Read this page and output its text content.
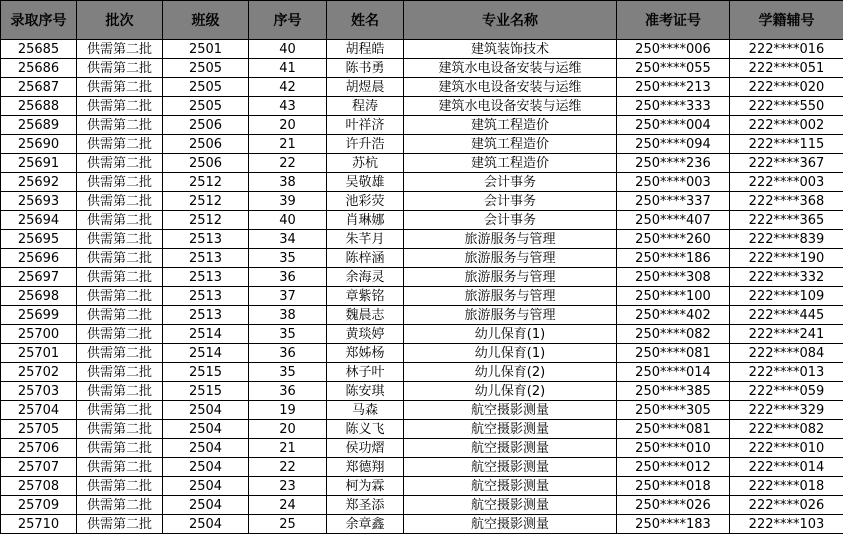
录取序号	批次	班级	序号	姓名	专业名称	准考证号	学籍辅号
25685	供需第二批	2501	40	胡程皓	建筑装饰技术	250****006	222****016
25686	供需第二批	2505	41	陈书勇	建筑水电设备安装与运维	250****055	222****051
25687	供需第二批	2505	42	胡煜晨	建筑水电设备安装与运维	250****213	222****020
25688	供需第二批	2505	43	程涛	建筑水电设备安装与运维	250****333	222****550
25689	供需第二批	2506	20	叶祥济	建筑工程造价	250****004	222****002
25690	供需第二批	2506	21	许升浩	建筑工程造价	250****094	222****115
25691	供需第二批	2506	22	苏杭	建筑工程造价	250****236	222****367
25692	供需第二批	2512	38	吴敬雄	会计事务	250****003	222****003
25693	供需第二批	2512	39	池彩荧	会计事务	250****337	222****368
25694	供需第二批	2512	40	肖琳娜	会计事务	250****407	222****365
25695	供需第二批	2513	34	朱芊月	旅游服务与管理	250****260	222****839
25696	供需第二批	2513	35	陈梓涵	旅游服务与管理	250****186	222****190
25697	供需第二批	2513	36	余海灵	旅游服务与管理	250****308	222****332
25698	供需第二批	2513	37	章紫铭	旅游服务与管理	250****100	222****109
25699	供需第二批	2513	38	魏晨志	旅游服务与管理	250****402	222****445
25700	供需第二批	2514	35	黄琰婷	幼儿保育(1)	250****082	222****241
25701	供需第二批	2514	36	郑姊杨	幼儿保育(1)	250****081	222****084
25702	供需第二批	2515	35	林子叶	幼儿保育(2)	250****014	222****013
25703	供需第二批	2515	36	陈安琪	幼儿保育(2)	250****385	222****059
25704	供需第二批	2504	19	马森	航空摄影测量	250****305	222****329
25705	供需第二批	2504	20	陈义飞	航空摄影测量	250****081	222****082
25706	供需第二批	2504	21	侯功熠	航空摄影测量	250****010	222****010
25707	供需第二批	2504	22	郑德翔	航空摄影测量	250****012	222****014
25708	供需第二批	2504	23	柯为霖	航空摄影测量	250****018	222****018
25709	供需第二批	2504	24	郑圣添	航空摄影测量	250****026	222****026
25710	供需第二批	2504	25	余章鑫	航空摄影测量	250****183	222****103
